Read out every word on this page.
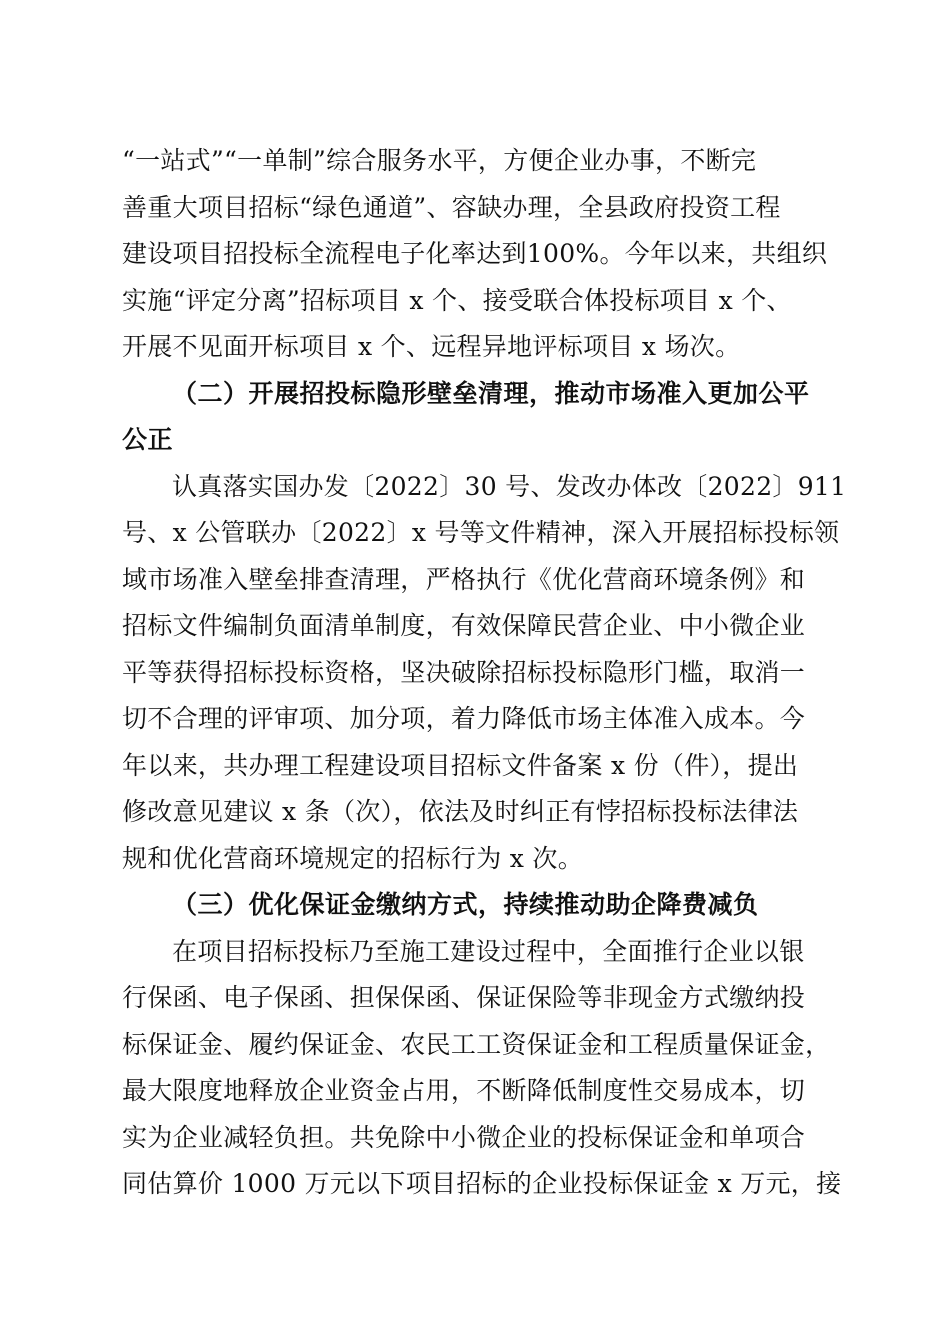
“一站式”“一单制”综合服务水平，方便企业办事，不断完
善重大项目招标“绿色通道”、容缺办理，全县政府投资工程
建设项目招投标全流程电子化率达到100%。今年以来，共组织
实施“评定分离”招标项目 x 个、接受联合体投标项目 x 个、
开展不见面开标项目 x 个、远程异地评标项目 x 场次。
（二）开展招投标隐形壁垒清理，推动市场准入更加公平
公正
认真落实国办发〔2022〕30 号、发改办体改〔2022〕911
号、x 公管联办〔2022〕x 号等文件精神，深入开展招标投标领
域市场准入壁垒排查清理，严格执行《优化营商环境条例》和
招标文件编制负面清单制度，有效保障民营企业、中小微企业
平等获得招标投标资格，坚决破除招标投标隐形门槛，取消一
切不合理的评审项、加分项，着力降低市场主体准入成本。今
年以来，共办理工程建设项目招标文件备案 x 份（件），提出
修改意见建议 x 条（次），依法及时纠正有悖招标投标法律法
规和优化营商环境规定的招标行为 x 次。
（三）优化保证金缴纳方式，持续推动助企降费减负
在项目招标投标乃至施工建设过程中，全面推行企业以银
行保函、电子保函、担保保函、保证保险等非现金方式缴纳投
标保证金、履约保证金、农民工工资保证金和工程质量保证金，
最大限度地释放企业资金占用，不断降低制度性交易成本，切
实为企业减轻负担。共免除中小微企业的投标保证金和单项合
同估算价 1000 万元以下项目招标的企业投标保证金 x 万元，接
